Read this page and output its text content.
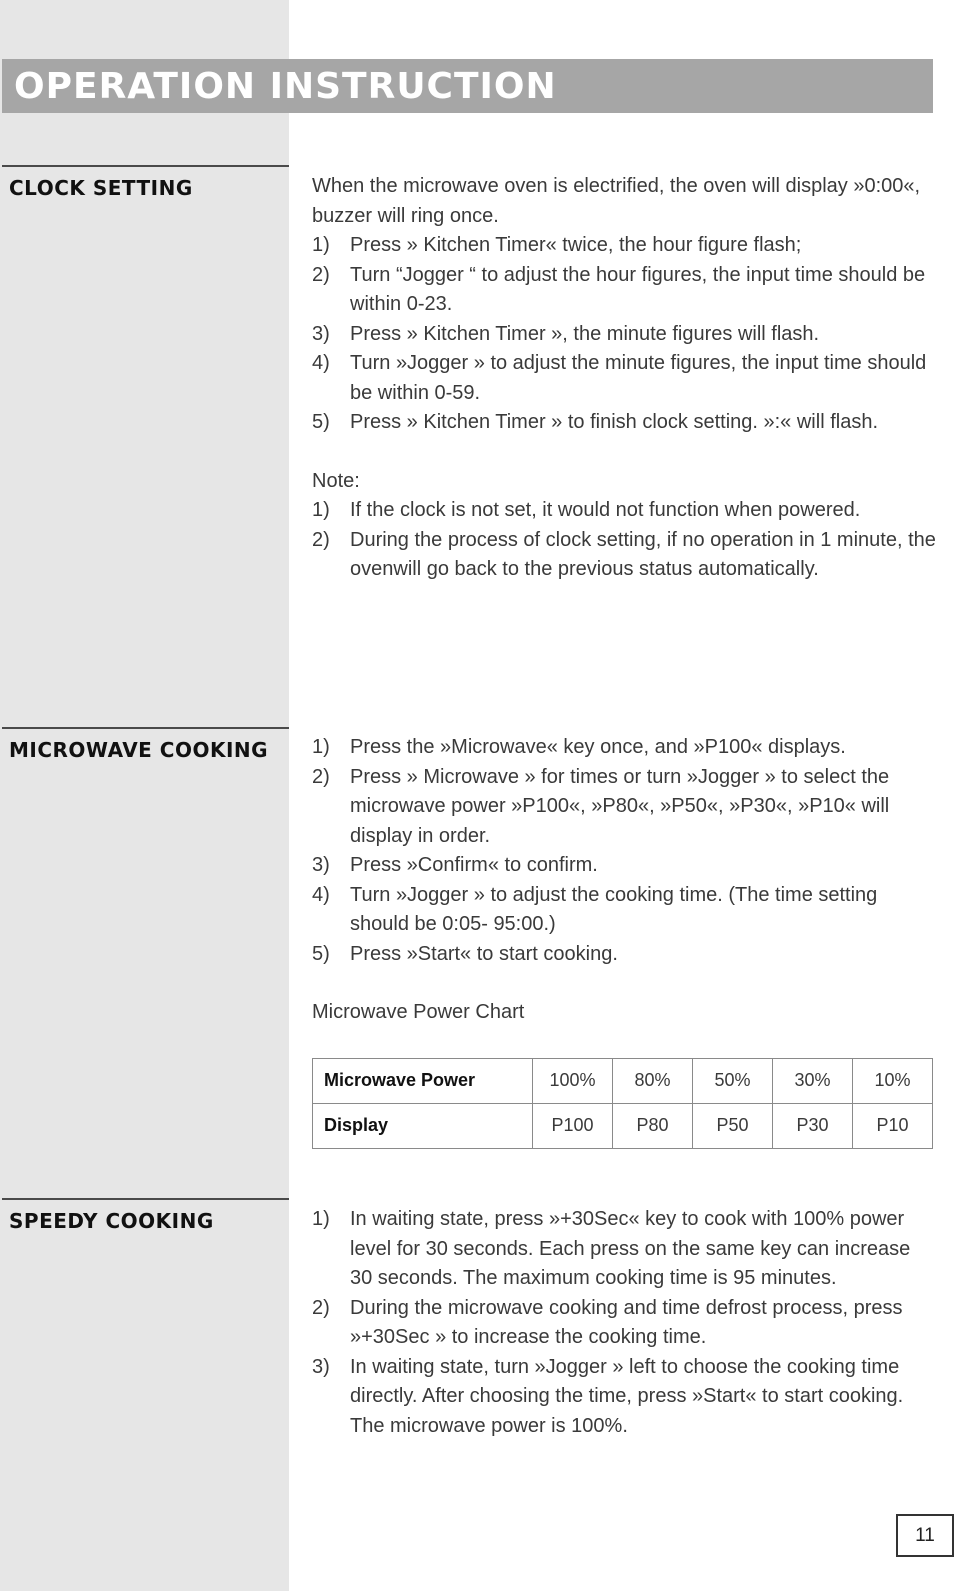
OPERATION INSTRUCTION
CLOCK SETTING	When the microwave oven is electrified, the oven will display »0:00«, buzzer will ring once.

1) Press » Kitchen Timer« twice, the hour figure flash;
2) Turn “Jogger “ to adjust the hour figures, the input time should be within 0-23.
3) Press » Kitchen Timer », the minute figures will flash.
4) Turn »Jogger » to adjust the minute figures, the input time should be within 0-59.
5) Press » Kitchen Timer » to finish clock setting. »:« will flash.

Note:

1) If the clock is not set, it would not function when powered.
2) During the process of clock setting, if no operation in 1 minute, the ovenwill go back to the previous status automatically.
MICROWAVE COOKING 1) Press the »Microwave« key once, and »P100« displays.
2) Press » Microwave » for times or turn »Jogger » to select the microwave power »P100«, »P80«, »P50«, »P30«, »P10« will display in order.
3) Press »Confirm« to confirm.
4) Turn »Jogger » to adjust the cooking time. (The time setting should be 0:05- 95:00.)
5) Press »Start« to start cooking.

Microwave Power Chart

Microwave Power	100%	80%	50%	30%	10%
Display	P100	P80	P50	P30	P10
SPEEDY COOKING	1) In waiting state, press »+30Sec« key to cook with 100% power level for 30 seconds. Each press on the same key can increase 30 seconds. The maximum cooking time is 95 minutes.
2) During the microwave cooking and time defrost process, press »+30Sec » to increase the cooking time.
3) In waiting state, turn »Jogger » left to choose the cooking time directly. After choosing the time, press »Start« to start cooking. The microwave power is 100%.
11
